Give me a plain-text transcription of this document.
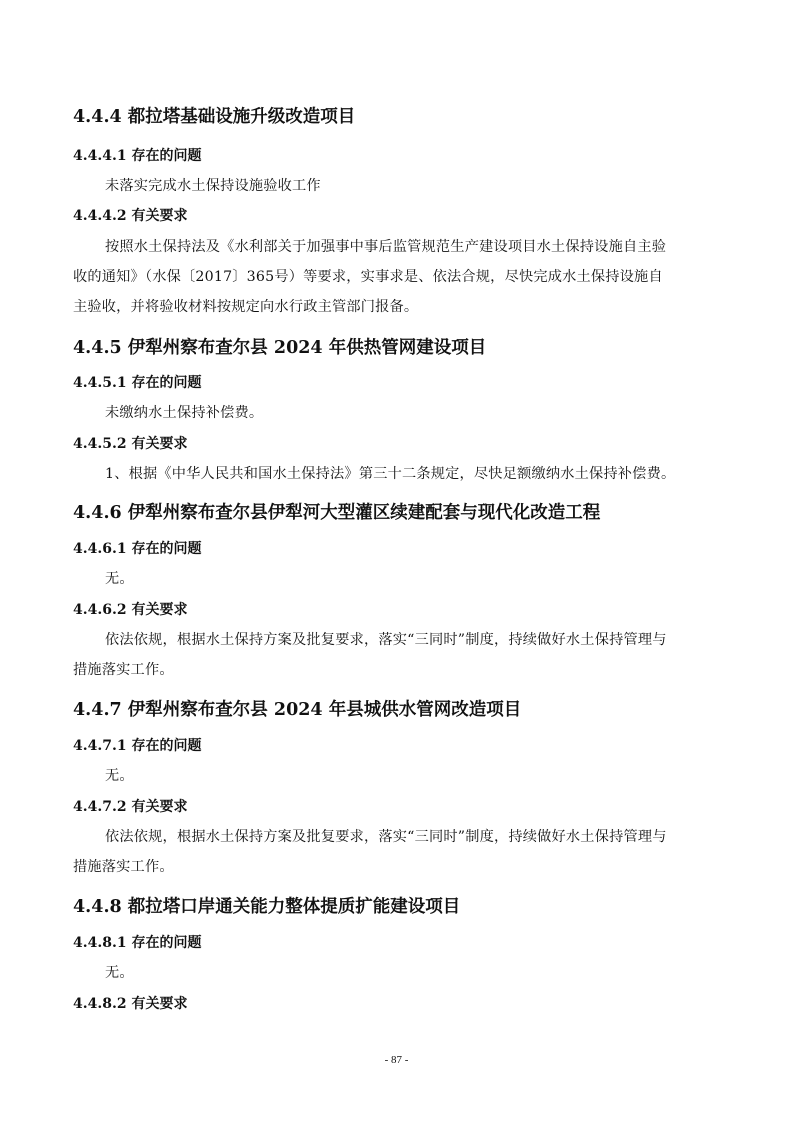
4.4.4 都拉塔基础设施升级改造项目
4.4.4.1 存在的问题
未落实完成水土保持设施验收工作
4.4.4.2 有关要求
按照水土保持法及《水利部关于加强事中事后监管规范生产建设项目水土保持设施自主验
收的通知》（水保〔2017〕365号）等要求，实事求是、依法合规，尽快完成水土保持设施自
主验收，并将验收材料按规定向水行政主管部门报备。
4.4.5 伊犁州察布查尔县 2024 年供热管网建设项目
4.4.5.1 存在的问题
未缴纳水土保持补偿费。
4.4.5.2 有关要求
1、根据《中华人民共和国水土保持法》第三十二条规定，尽快足额缴纳水土保持补偿费。
4.4.6 伊犁州察布查尔县伊犁河大型灌区续建配套与现代化改造工程
4.4.6.1 存在的问题
无。
4.4.6.2 有关要求
依法依规，根据水土保持方案及批复要求，落实“三同时”制度，持续做好水土保持管理与
措施落实工作。
4.4.7 伊犁州察布查尔县 2024 年县城供水管网改造项目
4.4.7.1 存在的问题
无。
4.4.7.2 有关要求
依法依规，根据水土保持方案及批复要求，落实“三同时”制度，持续做好水土保持管理与
措施落实工作。
4.4.8 都拉塔口岸通关能力整体提质扩能建设项目
4.4.8.1 存在的问题
无。
4.4.8.2 有关要求
- 87 -
